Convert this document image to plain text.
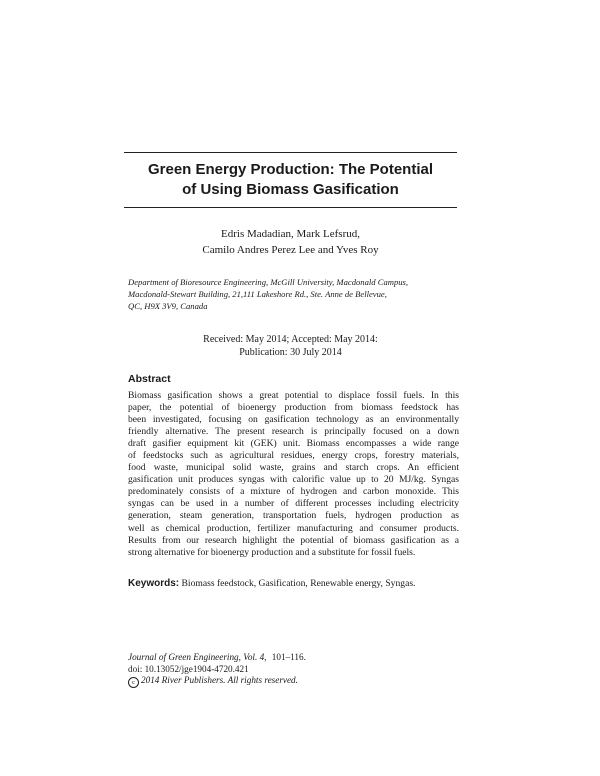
Green Energy Production: The Potential
of Using Biomass Gasification
Edris Madadian, Mark Lefsrud,
Camilo Andres Perez Lee and Yves Roy
Department of Bioresource Engineering, McGill University, Macdonald Campus,
Macdonald-Stewart Building, 21,111 Lakeshore Rd., Ste. Anne de Bellevue,
QC, H9X 3V9, Canada
Received: May 2014; Accepted: May 2014:
Publication: 30 July 2014
Abstract
Biomass gasification shows a great potential to displace fossil fuels. In this
paper, the potential of bioenergy production from biomass feedstock has
been investigated, focusing on gasification technology as an environmentally
friendly alternative. The present research is principally focused on a down
draft gasifier equipment kit (GEK) unit. Biomass encompasses a wide range
of feedstocks such as agricultural residues, energy crops, forestry materials,
food waste, municipal solid waste, grains and starch crops. An efficient
gasification unit produces syngas with calorific value up to 20 MJ/kg. Syngas
predominately consists of a mixture of hydrogen and carbon monoxide. This
syngas can be used in a number of different processes including electricity
generation, steam generation, transportation fuels, hydrogen production as
well as chemical production, fertilizer manufacturing and consumer products.
Results from our research highlight the potential of biomass gasification as a
strong alternative for bioenergy production and a substitute for fossil fuels.
Keywords: Biomass feedstock, Gasification, Renewable energy, Syngas.
Journal of Green Engineering, Vol. 4, 101–116.
doi: 10.13052/jge1904-4720.421
c 2014 River Publishers. All rights reserved.
